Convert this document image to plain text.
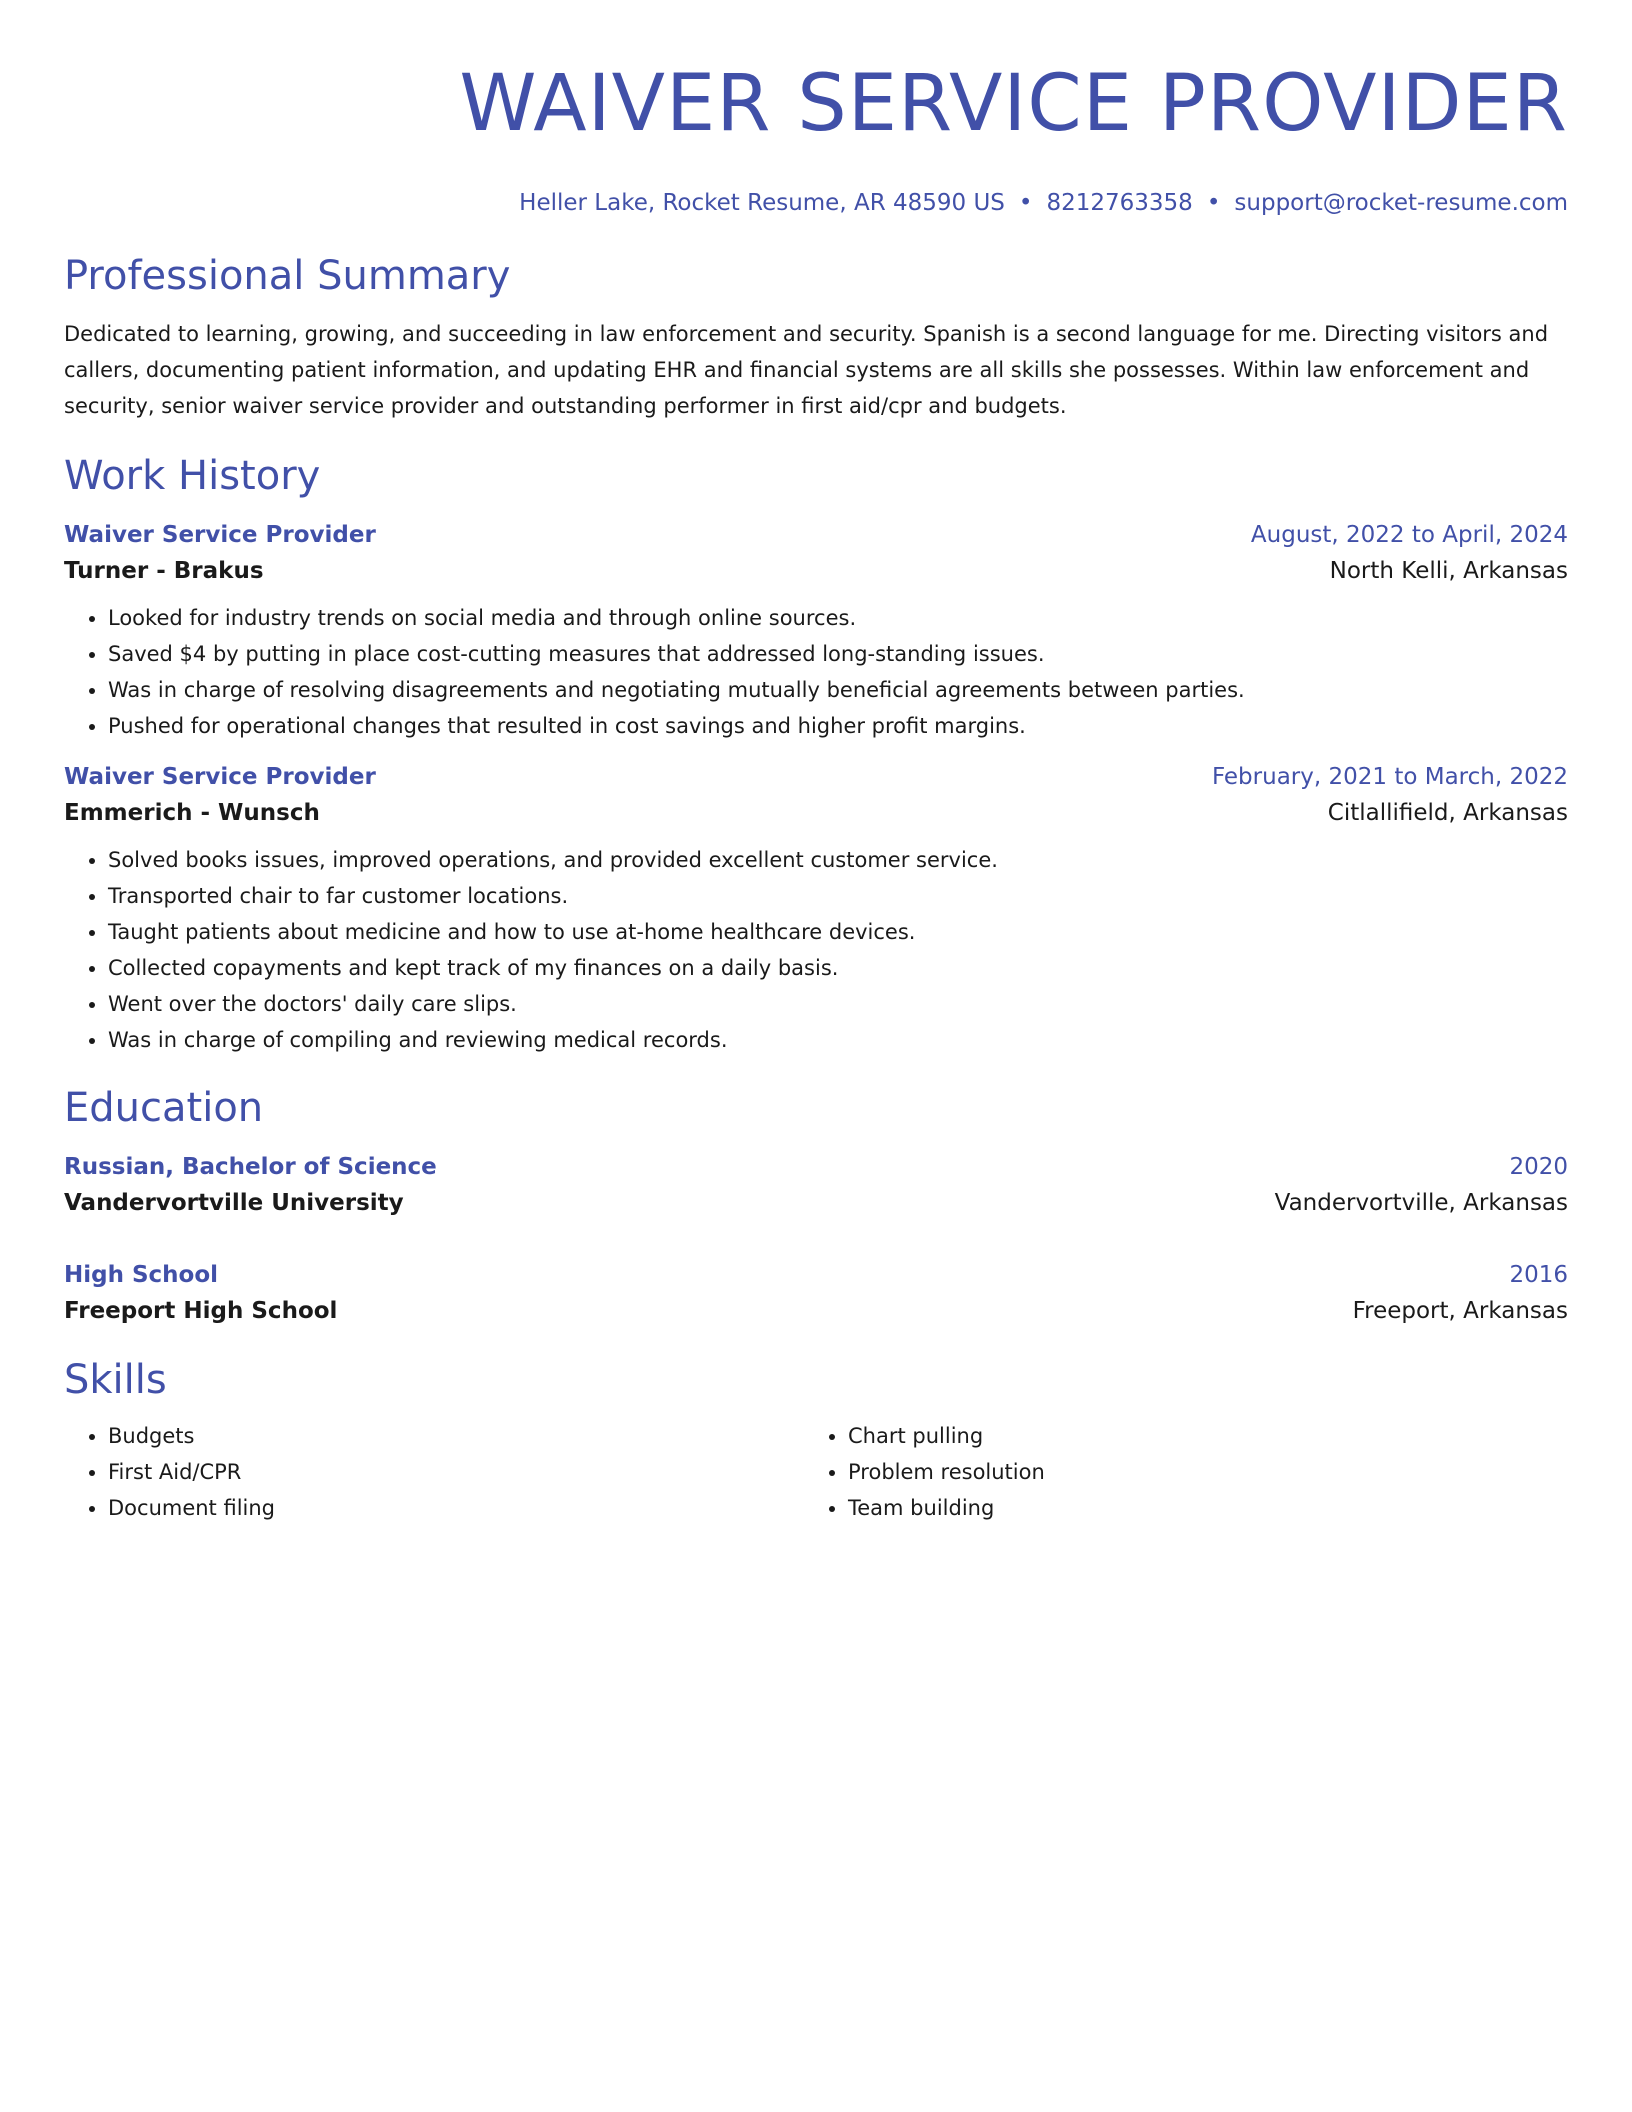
WAIVER SERVICE PROVIDER
Heller Lake, Rocket Resume, AR 48590 US • 8212763358 • support@rocket-resume.com
Professional Summary

Dedicated to learning, growing, and succeeding in law enforcement and security. Spanish is a second language for me. Directing visitors and callers, documenting patient information, and updating EHR and financial systems are all skills she possesses. Within law enforcement and security, senior waiver service provider and outstanding performer in first aid/cpr and budgets.

Work History
Waiver Service Provider	August, 2022 to April, 2024
Turner - Brakus	North Kelli, Arkansas
• Looked for industry trends on social media and through online sources.
• Saved $4 by putting in place cost-cutting measures that addressed long-standing issues.
• Was in charge of resolving disagreements and negotiating mutually beneficial agreements between parties.
• Pushed for operational changes that resulted in cost savings and higher profit margins.
Waiver Service Provider	February, 2021 to March, 2022
Emmerich - Wunsch	Citlallifield, Arkansas
• Solved books issues, improved operations, and provided excellent customer service.
• Transported chair to far customer locations.
• Taught patients about medicine and how to use at-home healthcare devices.
• Collected copayments and kept track of my finances on a daily basis.
• Went over the doctors' daily care slips.
• Was in charge of compiling and reviewing medical records.
Education
Russian, Bachelor of Science	2020
Vandervortville University	Vandervortville, Arkansas
High School	2016
Freeport High School	Freeport, Arkansas
Skills
• Budgets
• First Aid/CPR
• Document filing
• Chart pulling
• Problem resolution
• Team building
